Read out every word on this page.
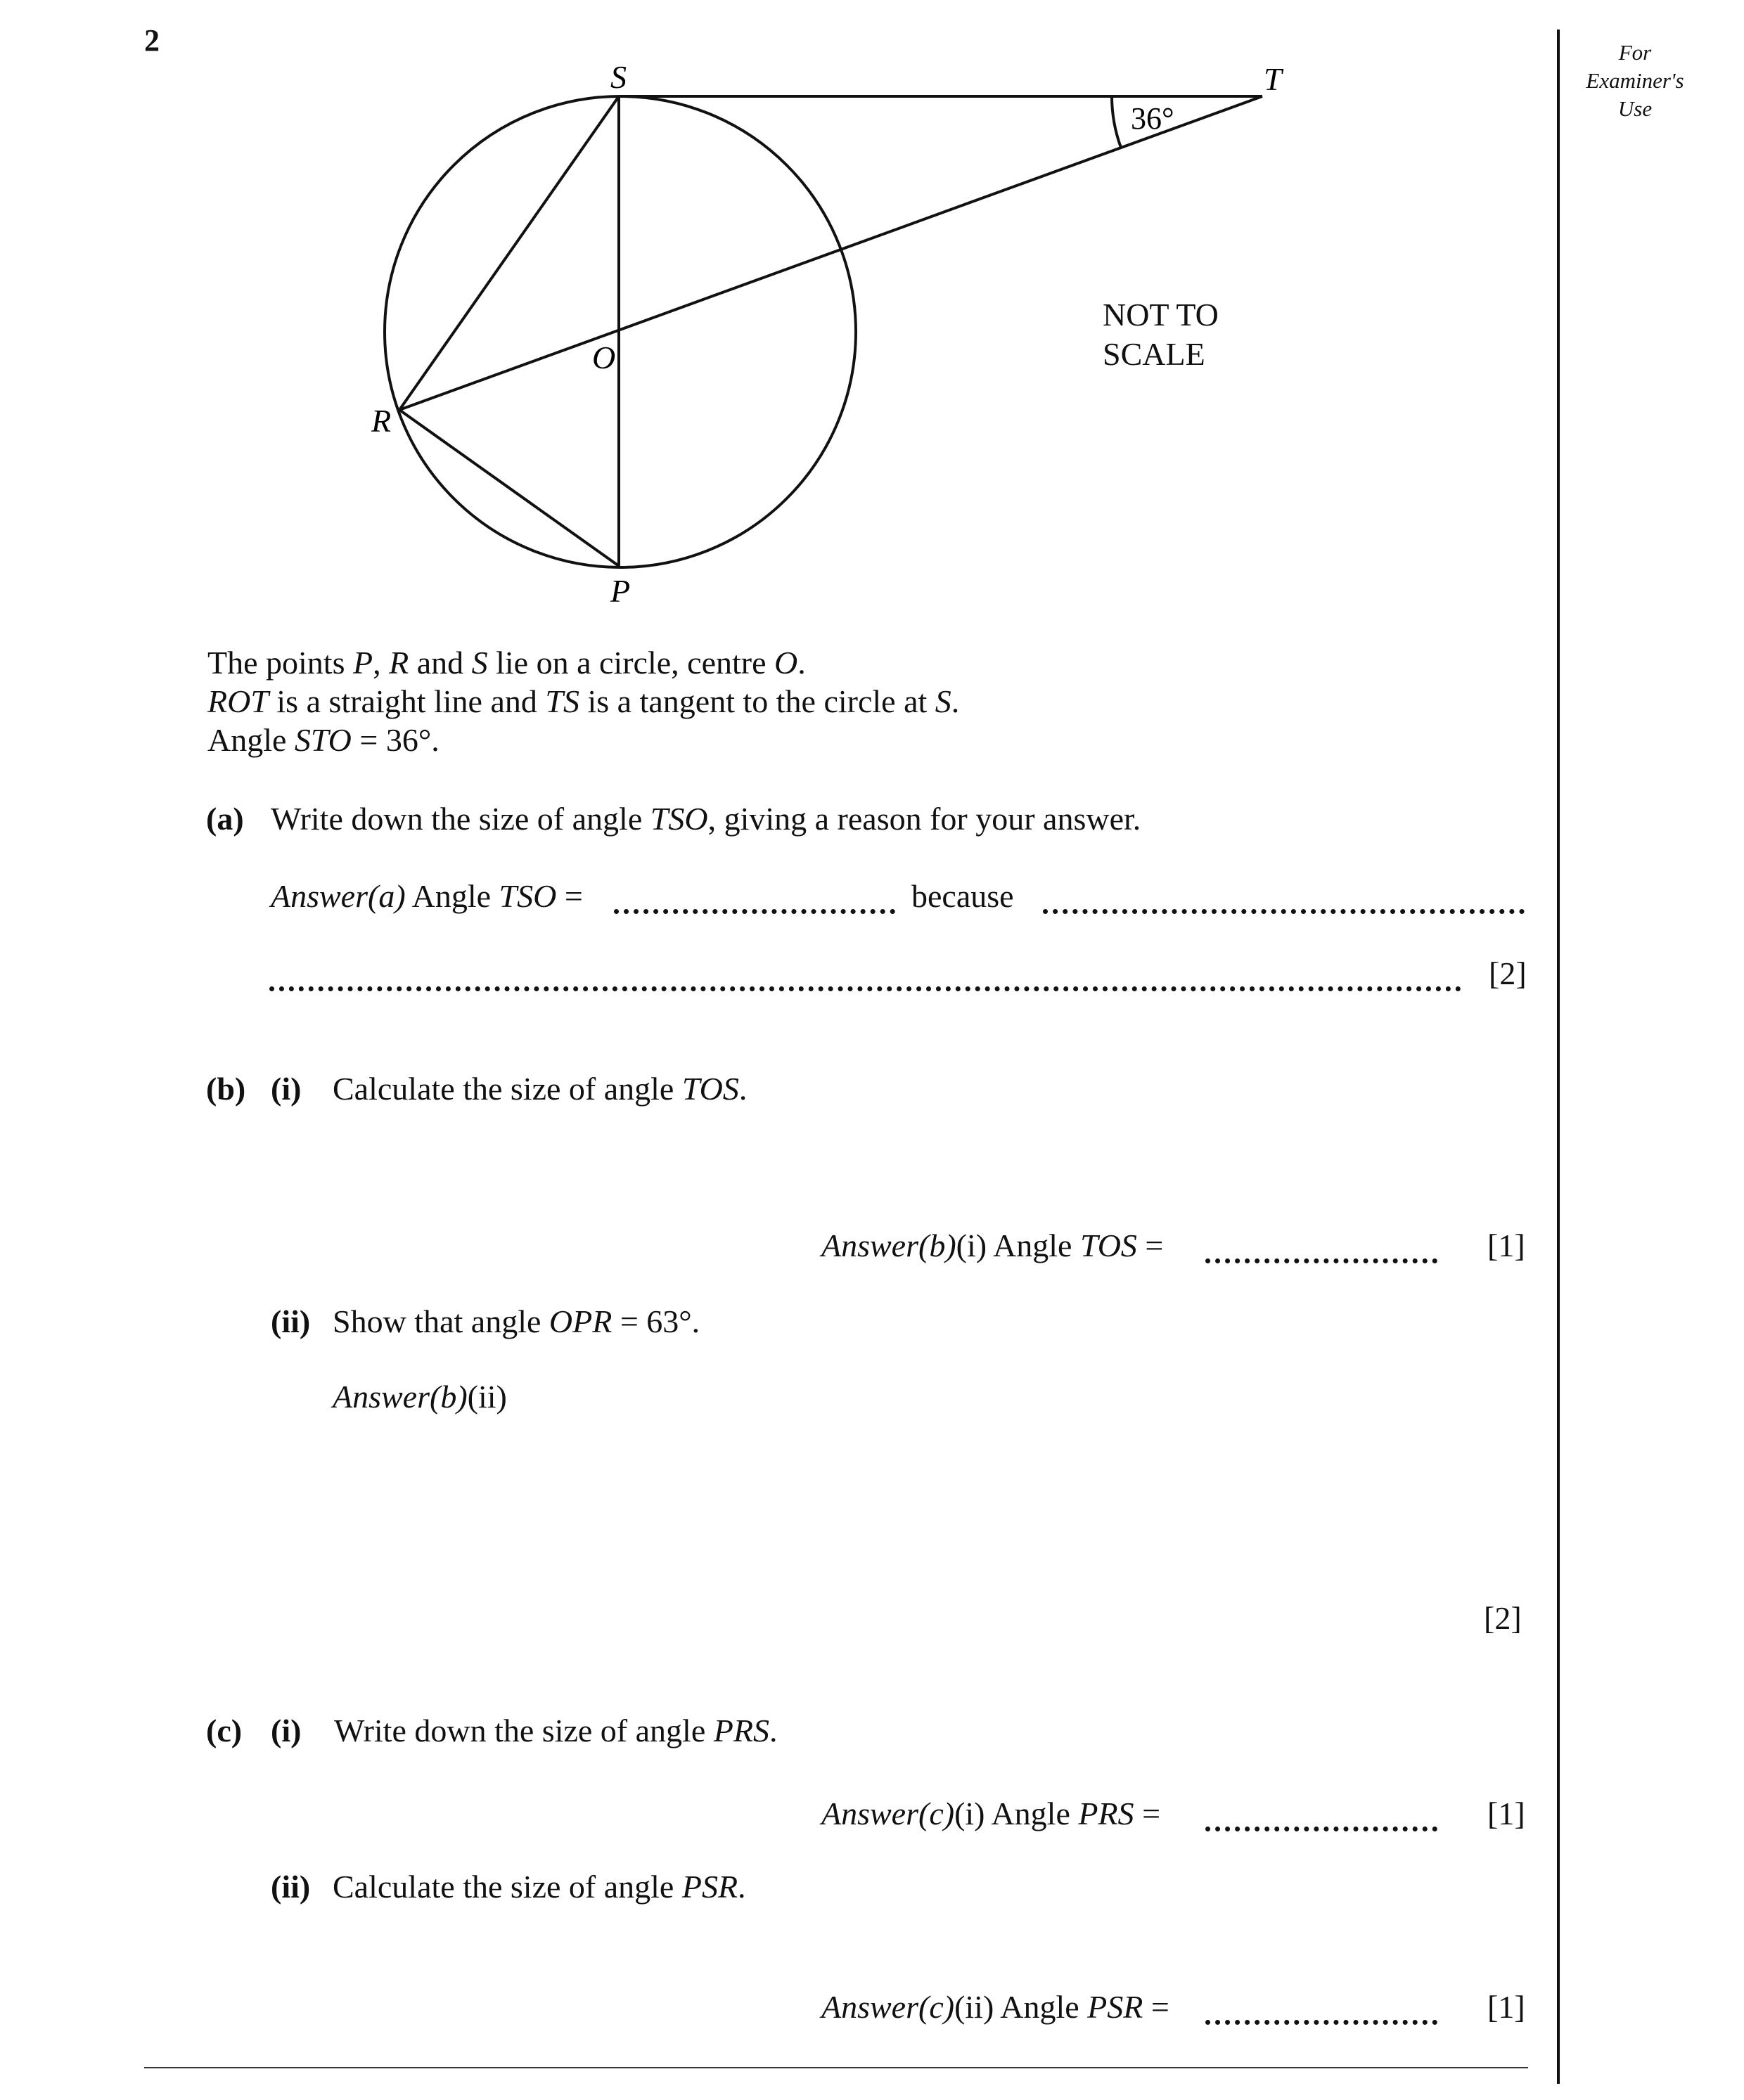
2	For
Examiner's
Use
S	T
O
R
P
36°
NOT TO
SCALE
The points P, R and S lie on a circle, centre O.
ROT is a straight line and TS is a tangent to the circle at S.
Angle STO = 36°.
(a) Write down the size of angle TSO, giving a reason for your answer.
Answer(a) Angle TSO =	because
[2]
(b) (i) Calculate the size of angle TOS.
Answer(b)(i) Angle TOS =	[1]
(ii) Show that angle OPR = 63°.
Answer(b)(ii)
[2]
(c) (i) Write down the size of angle PRS.
Answer(c)(i) Angle PRS =	[1]
(ii) Calculate the size of angle PSR.
Answer(c)(ii) Angle PSR =	[1]
